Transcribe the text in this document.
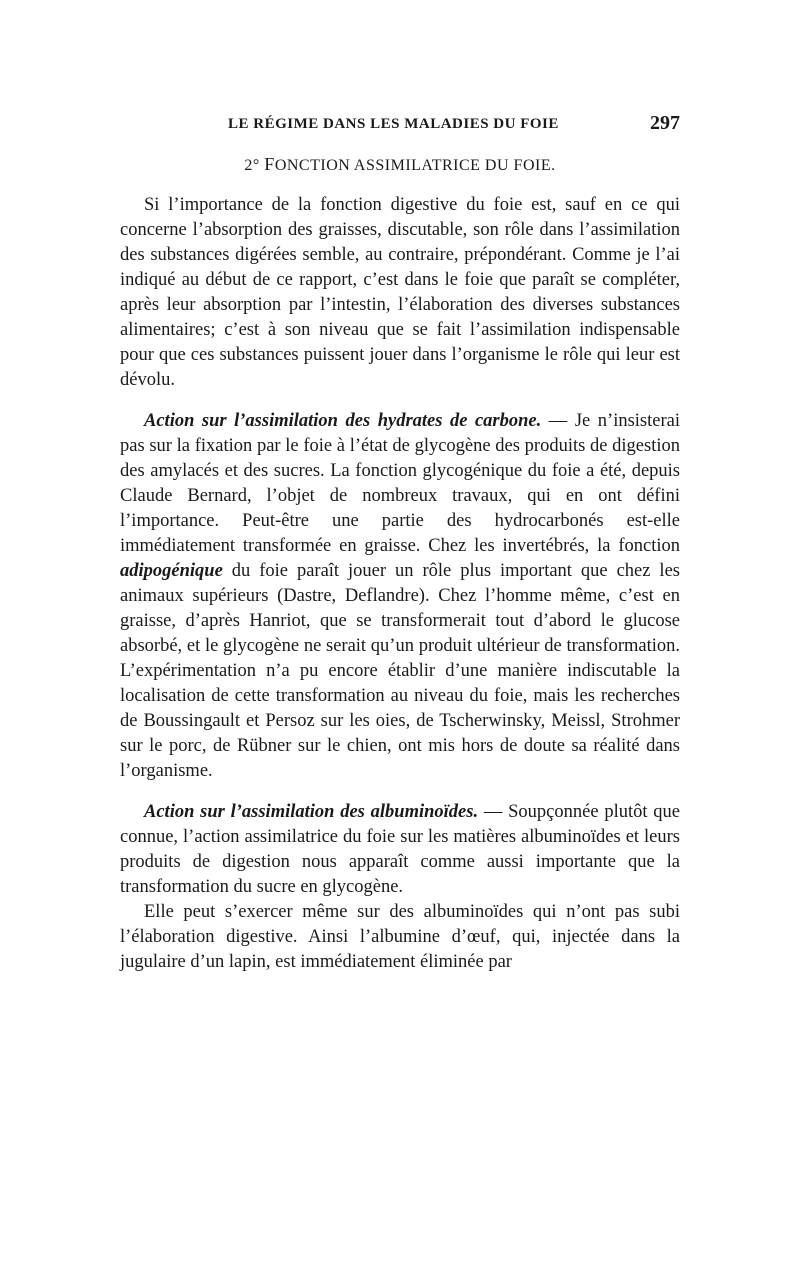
LE RÉGIME DANS LES MALADIES DU FOIE	297
2° FONCTION ASSIMILATRICE DU FOIE.

Si l’importance de la fonction digestive du foie est, sauf en ce qui concerne l’absorption des graisses, discutable, son rôle dans l’assimilation des substances digérées semble, au contraire, prépondérant. Comme je l’ai indiqué au début de ce rapport, c’est dans le foie que paraît se compléter, après leur absorption par l’intestin, l’élaboration des diverses substances alimentaires; c’est à son niveau que se fait l’assimilation indispensable pour que ces substances puissent jouer dans l’organisme le rôle qui leur est dévolu.

Action sur l’assimilation des hydrates de carbone. — Je n’insisterai pas sur la fixation par le foie à l’état de glycogène des produits de digestion des amylacés et des sucres. La fonction glycogénique du foie a été, depuis Claude Bernard, l’objet de nombreux travaux, qui en ont défini l’importance. Peut-être une partie des hydrocarbonés est-elle immédiatement transformée en graisse. Chez les invertébrés, la fonction adipogénique du foie paraît jouer un rôle plus important que chez les animaux supérieurs (Dastre, Deflandre). Chez l’homme même, c’est en graisse, d’après Hanriot, que se transformerait tout d’abord le glucose absorbé, et le glycogène ne serait qu’un produit ultérieur de transformation. L’expérimentation n’a pu encore établir d’une manière indiscutable la localisation de cette transformation au niveau du foie, mais les recherches de Boussingault et Persoz sur les oies, de Tscherwinsky, Meissl, Strohmer sur le porc, de Rübner sur le chien, ont mis hors de doute sa réalité dans l’organisme.

Action sur l’assimilation des albuminoïdes. — Soupçonnée plutôt que connue, l’action assimilatrice du foie sur les matières albuminoïdes et leurs produits de digestion nous apparaît comme aussi importante que la transformation du sucre en glycogène.

Elle peut s’exercer même sur des albuminoïdes qui n’ont pas subi l’élaboration digestive. Ainsi l’albumine d’œuf, qui, injectée dans la jugulaire d’un lapin, est immédiatement éliminée par
